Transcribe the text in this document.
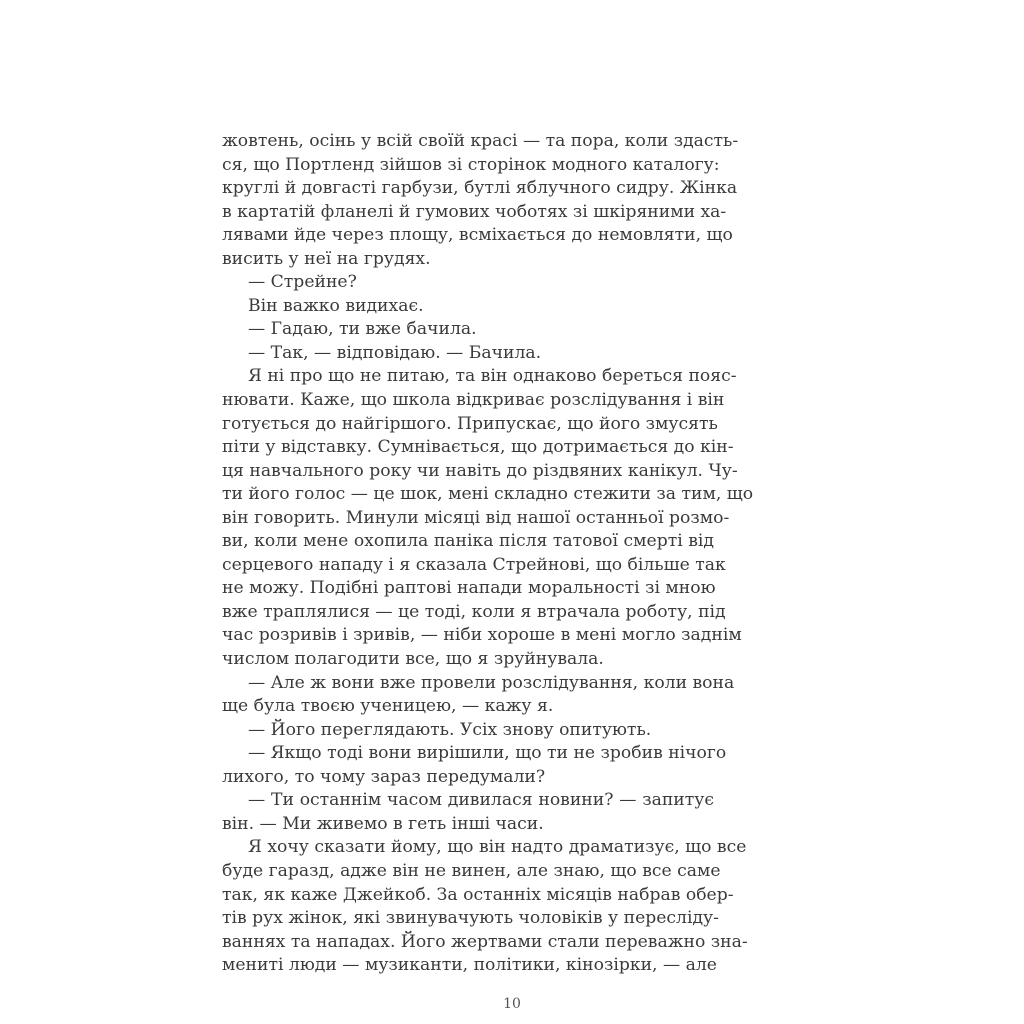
жовтень, осінь у всій своїй красі — та пора, коли здасть-
ся, що Портленд зійшов зі сторінок модного каталогу:
круглі й довгасті гарбузи, бутлі яблучного сидру. Жінка
в картатій фланелі й гумових чоботях зі шкіряними ха-
лявами йде через площу, всміхається до немовляти, що
висить у неї на грудях.
— Стрейне?
Він важко видихає.
— Гадаю, ти вже бачила.
— Так, — відповідаю. — Бачила.
Я ні про що не питаю, та він однаково береться пояс-
нювати. Каже, що школа відкриває розслідування і він
готується до найгіршого. Припускає, що його змусять
піти у відставку. Сумнівається, що дотримається до кін-
ця навчального року чи навіть до різдвяних канікул. Чу-
ти його голос — це шок, мені складно стежити за тим, що
він говорить. Минули місяці від нашої останньої розмо-
ви, коли мене охопила паніка після татової смерті від
серцевого нападу і я сказала Стрейнові, що більше так
не можу. Подібні раптові напади моральності зі мною
вже траплялися — це тоді, коли я втрачала роботу, під
час розривів і зривів, — ніби хороше в мені могло заднім
числом полагодити все, що я зруйнувала.
— Але ж вони вже провели розслідування, коли вона
ще була твоєю ученицею, — кажу я.
— Його переглядають. Усіх знову опитують.
— Якщо тоді вони вирішили, що ти не зробив нічого
лихого, то чому зараз передумали?
— Ти останнім часом дивилася новини? — запитує
він. — Ми живемо в геть інші часи.
Я хочу сказати йому, що він надто драматизує, що все
буде гаразд, адже він не винен, але знаю, що все саме
так, як каже Джейкоб. За останніх місяців набрав обер-
тів рух жінок, які звинувачують чоловіків у пересліду-
ваннях та нападах. Його жертвами стали переважно зна-
мениті люди — музиканти, політики, кінозірки, — але
10
